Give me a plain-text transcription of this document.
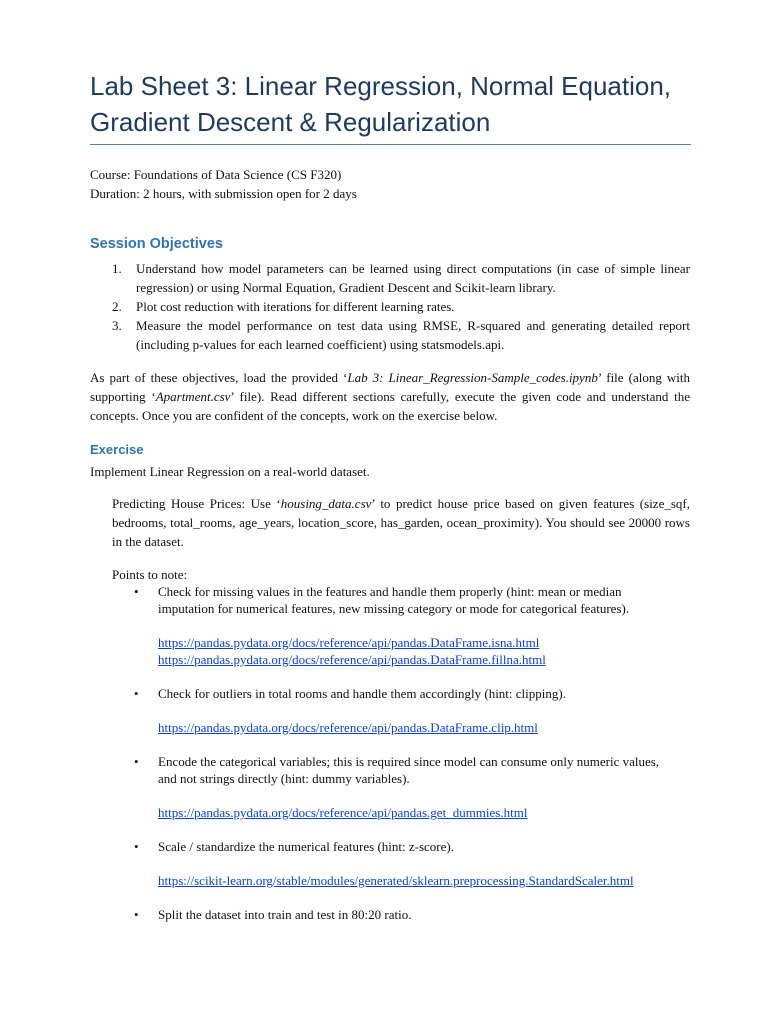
Lab Sheet 3: Linear Regression, Normal Equation,
Gradient Descent & Regularization
Course: Foundations of Data Science (CS F320)
Duration: 2 hours, with submission open for 2 days
Session Objectives
1. Understand how model parameters can be learned using direct computations (in case of simple linear regression) or using Normal Equation, Gradient Descent and Scikit-learn library.
2. Plot cost reduction with iterations for different learning rates.
3. Measure the model performance on test data using RMSE, R-squared and generating detailed report (including p-values for each learned coefficient) using statsmodels.api.

As part of these objectives, load the provided ‘Lab 3: Linear_Regression-Sample_codes.ipynb’ file (along with supporting ‘Apartment.csv’ file). Read different sections carefully, execute the given code and understand the concepts. Once you are confident of the concepts, work on the exercise below.

Exercise

Implement Linear Regression on a real-world dataset.

Predicting House Prices: Use ‘housing_data.csv’ to predict house price based on given features (size_sqf, bedrooms, total_rooms, age_years, location_score, has_garden, ocean_proximity). You should see 20000 rows in the dataset.

Points to note:

• Check for missing values in the features and handle them properly (hint: mean or median imputation for numerical features, new missing category or mode for categorical features).
https://pandas.pydata.org/docs/reference/api/pandas.DataFrame.isna.html
https://pandas.pydata.org/docs/reference/api/pandas.DataFrame.fillna.html
• Check for outliers in total rooms and handle them accordingly (hint: clipping).
https://pandas.pydata.org/docs/reference/api/pandas.DataFrame.clip.html
• Encode the categorical variables; this is required since model can consume only numeric values, and not strings directly (hint: dummy variables).
https://pandas.pydata.org/docs/reference/api/pandas.get_dummies.html
• Scale / standardize the numerical features (hint: z-score).
https://scikit-learn.org/stable/modules/generated/sklearn.preprocessing.StandardScaler.html
• Split the dataset into train and test in 80:20 ratio.
